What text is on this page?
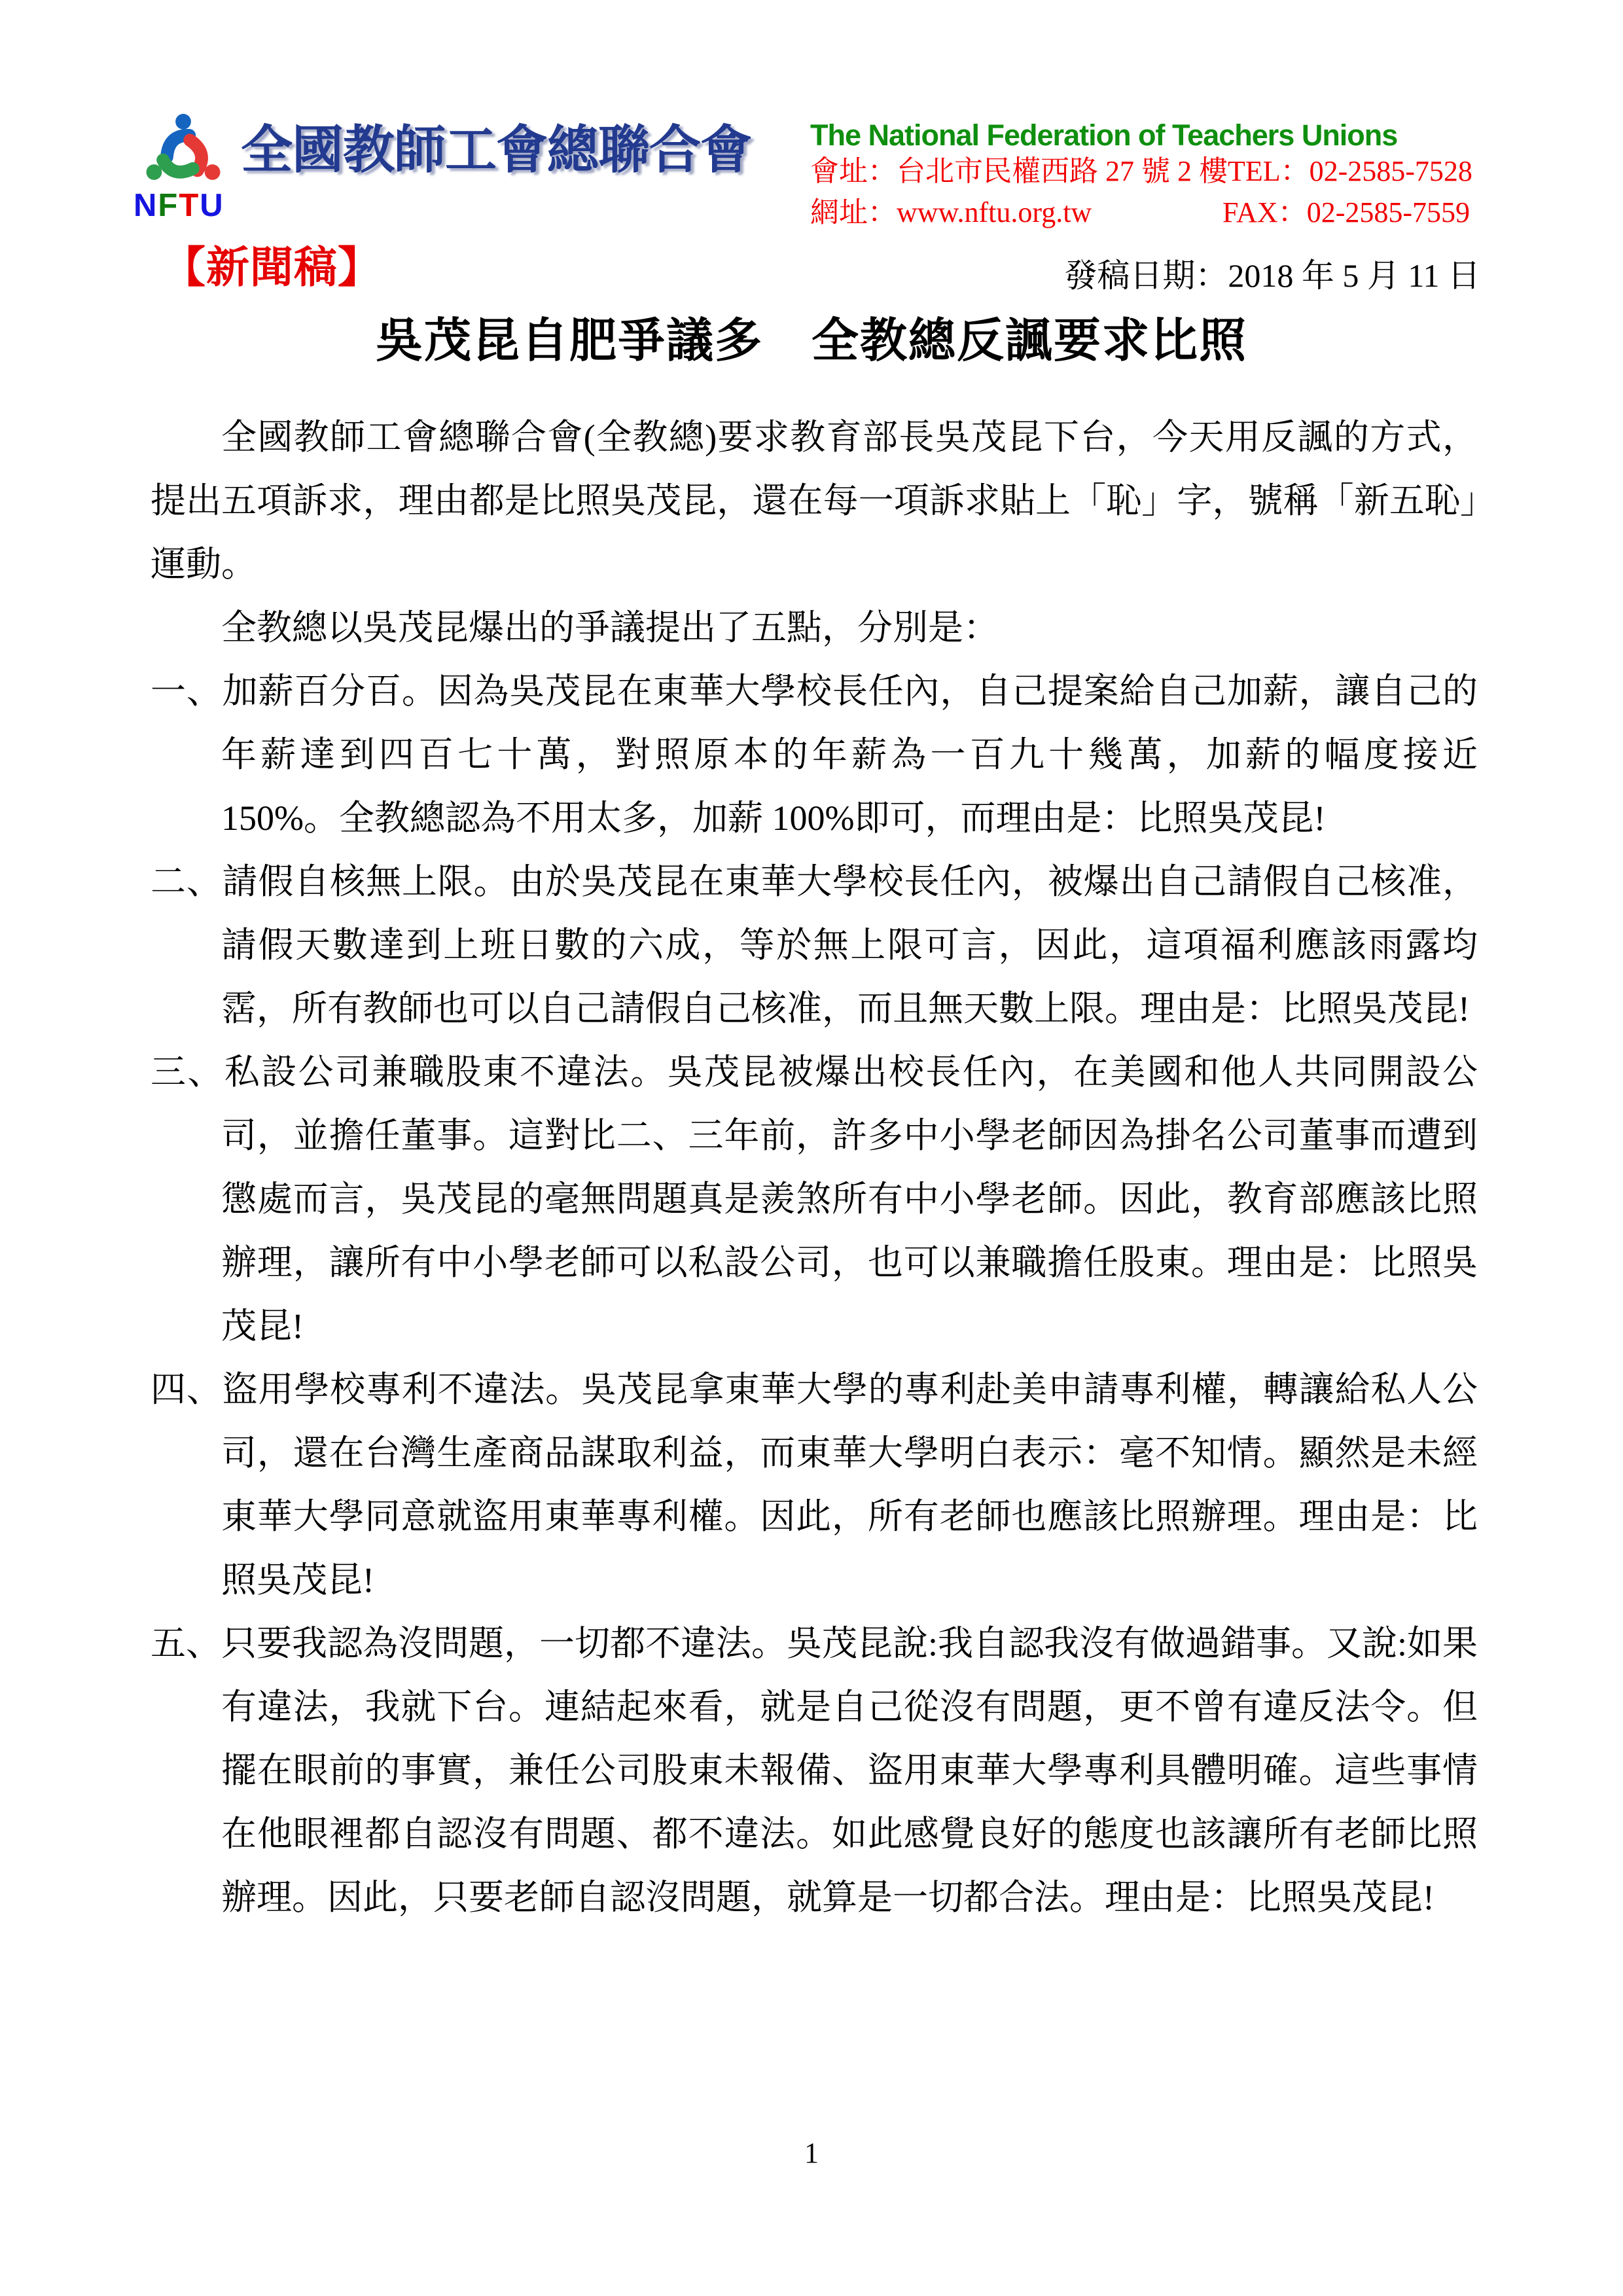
NFTU
全國教師工會總聯合會 The National Federation of Teachers Unions
會址：台北市民權西路 27 號 2 樓 TEL：02-2585-7528
網址：www.nftu.org.tw	FAX：02-2585-7559
【新聞稿】	發稿日期：2018 年 5 月 11 日
吳茂昆自肥爭議多　全教總反諷要求比照

全國教師工會總聯合會(全教總)要求教育部長吳茂昆下台，今天用反諷的方式，提出五項訴求，理由都是比照吳茂昆，還在每一項訴求貼上「恥」字，號稱「新五恥」運動。

全教總以吳茂昆爆出的爭議提出了五點，分別是：

一、加薪百分百。因為吳茂昆在東華大學校長任內，自己提案給自己加薪，讓自己的年薪達到四百七十萬，對照原本的年薪為一百九十幾萬，加薪的幅度接近 150%。全教總認為不用太多，加薪 100%即可，而理由是：比照吳茂昆!
二、請假自核無上限。由於吳茂昆在東華大學校長任內，被爆出自己請假自己核准，請假天數達到上班日數的六成，等於無上限可言，因此，這項福利應該雨露均霑，所有教師也可以自己請假自己核准，而且無天數上限。理由是：比照吳茂昆!
三、私設公司兼職股東不違法。吳茂昆被爆出校長任內，在美國和他人共同開設公司，並擔任董事。這對比二、三年前，許多中小學老師因為掛名公司董事而遭到懲處而言，吳茂昆的毫無問題真是羨煞所有中小學老師。因此，教育部應該比照辦理，讓所有中小學老師可以私設公司，也可以兼職擔任股東。理由是：比照吳茂昆!
四、盜用學校專利不違法。吳茂昆拿東華大學的專利赴美申請專利權，轉讓給私人公司，還在台灣生產商品謀取利益，而東華大學明白表示：毫不知情。顯然是未經東華大學同意就盜用東華專利權。因此，所有老師也應該比照辦理。理由是：比照吳茂昆!
五、只要我認為沒問題，一切都不違法。吳茂昆說:我自認我沒有做過錯事。又說:如果有違法，我就下台。連結起來看，就是自己從沒有問題，更不曾有違反法令。但擺在眼前的事實，兼任公司股東未報備、盜用東華大學專利具體明確。這些事情在他眼裡都自認沒有問題、都不違法。如此感覺良好的態度也該讓所有老師比照辦理。因此，只要老師自認沒問題，就算是一切都合法。理由是：比照吳茂昆!
1
